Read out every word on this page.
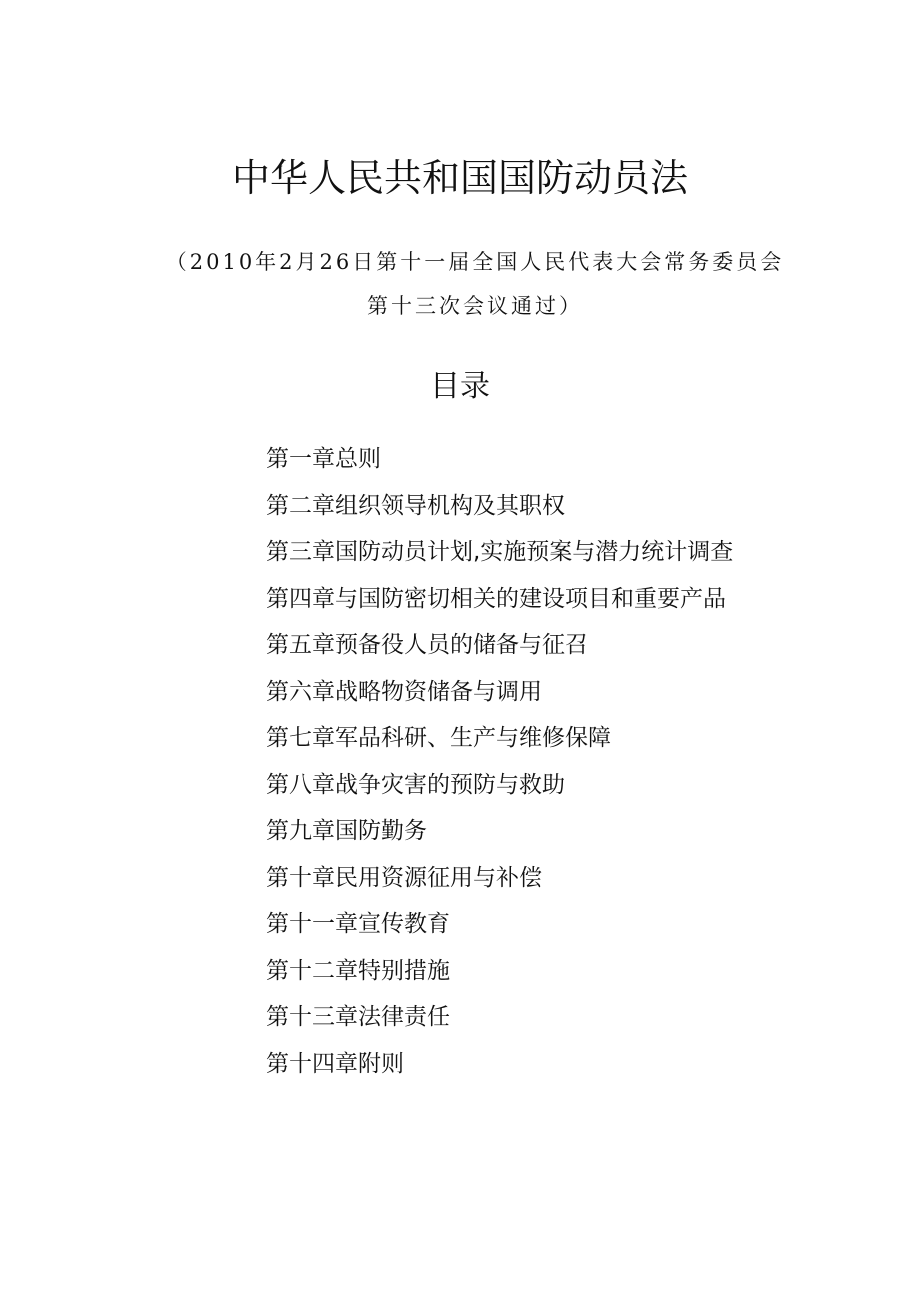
中华人民共和国国防动员法

（2010年2月26日第十一届全国人民代表大会常务委员会第十三次会议通过）

目录
第一章总则
第二章组织领导机构及其职权
第三章国防动员计划,实施预案与潜力统计调查
第四章与国防密切相关的建设项目和重要产品
第五章预备役人员的储备与征召
第六章战略物资储备与调用
第七章军品科研、生产与维修保障
第八章战争灾害的预防与救助
第九章国防勤务
第十章民用资源征用与补偿
第十一章宣传教育
第十二章特别措施
第十三章法律责任
第十四章附则
